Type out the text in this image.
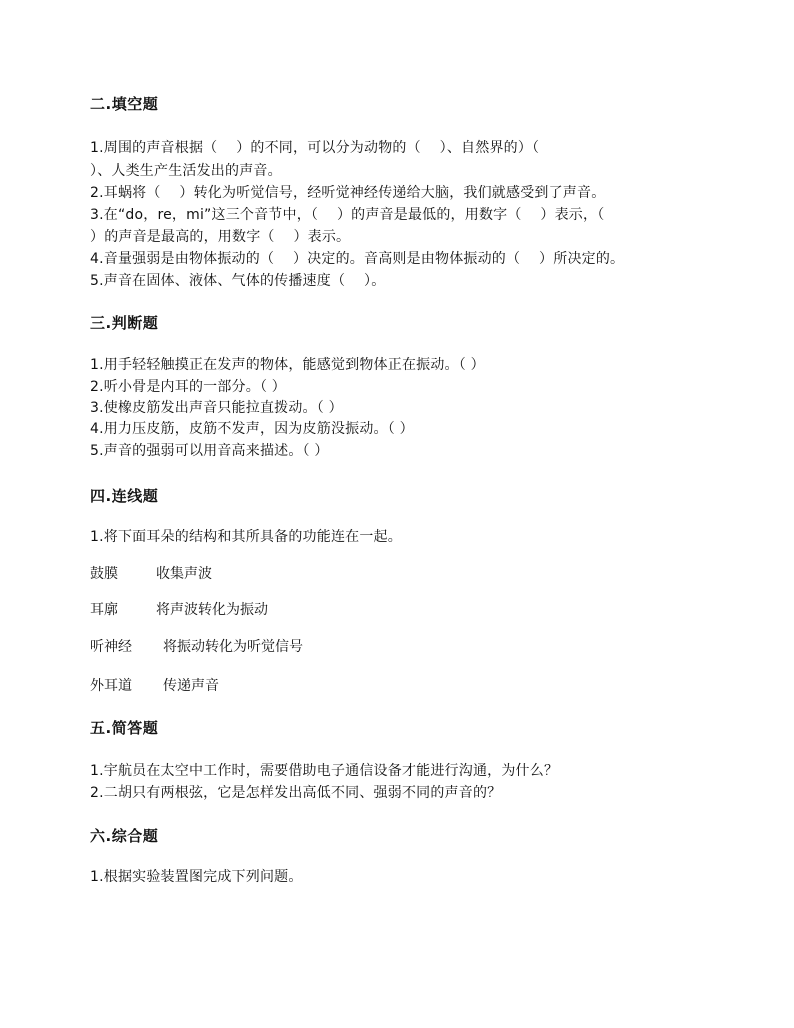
二.填空题
1.周围的声音根据（　 ）的不同，可以分为动物的（　 ）、自然界的）（
）、人类生产生活发出的声音。
2.耳蜗将（　 ）转化为听觉信号，经听觉神经传递给大脑，我们就感受到了声音。
3.在“do，re，mi”这三个音节中，（　 ）的声音是最低的，用数字（　 ）表示，（
）的声音是最高的，用数字（　 ）表示。
4.音量强弱是由物体振动的（　 ）决定的。音高则是由物体振动的（　 ）所决定的。
5.声音在固体、液体、气体的传播速度（　 ）。
三.判断题
1.用手轻轻触摸正在发声的物体，能感觉到物体正在振动。（ ）
2.听小骨是内耳的一部分。（ ）
3.使橡皮筋发出声音只能拉直拨动。（ ）
4.用力压皮筋，皮筋不发声，因为皮筋没振动。（ ）
5.声音的强弱可以用音高来描述。（ ）
四.连线题
1.将下面耳朵的结构和其所具备的功能连在一起。
鼓膜	收集声波
耳廓	将声波转化为振动
听神经 将振动转化为听觉信号
外耳道 传递声音
五.简答题
1.宇航员在太空中工作时，需要借助电子通信设备才能进行沟通，为什么？
2.二胡只有两根弦，它是怎样发出高低不同、强弱不同的声音的？
六.综合题
1.根据实验装置图完成下列问题。
